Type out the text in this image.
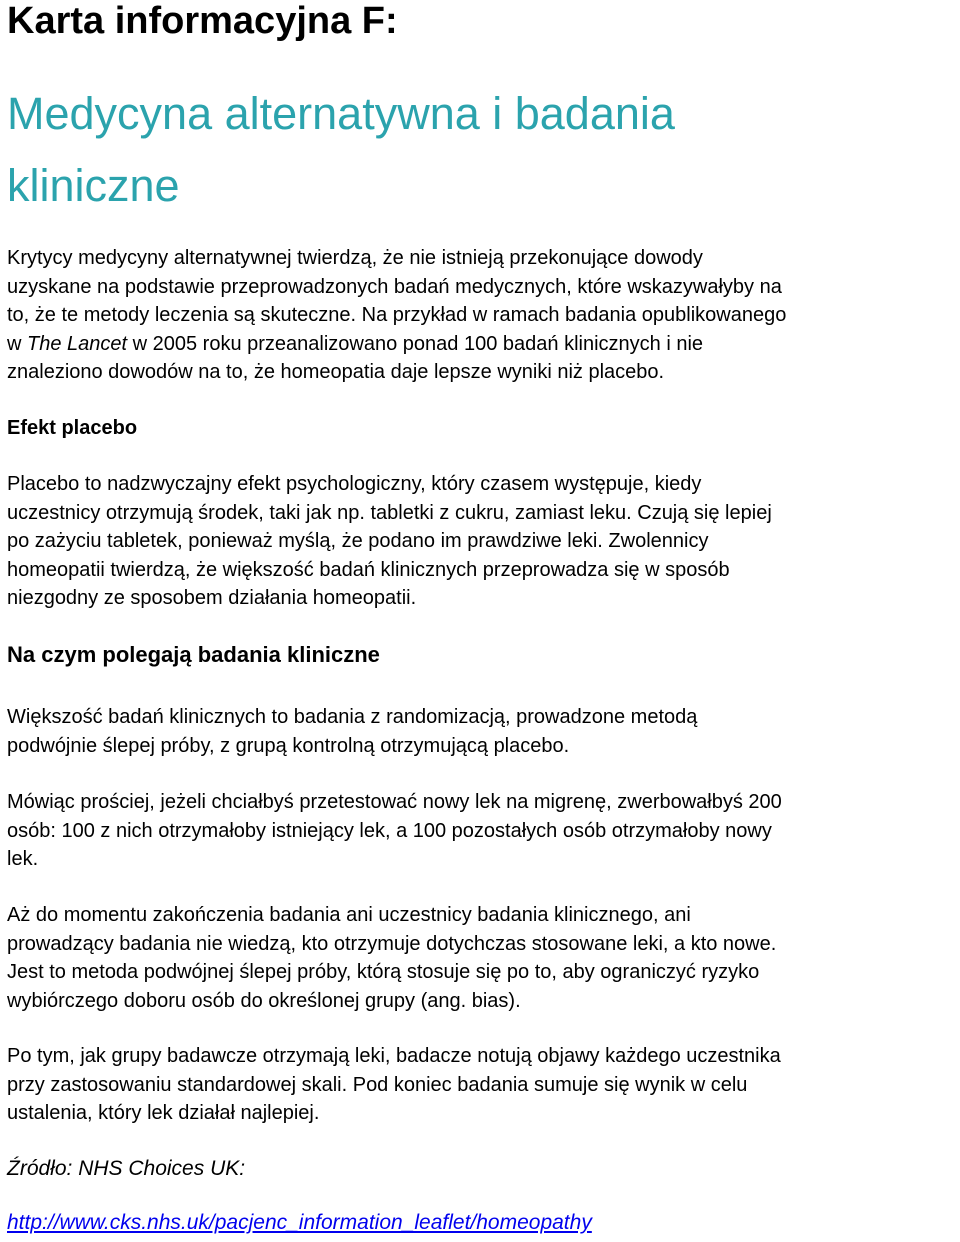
Karta informacyjna F:
Medycyna alternatywna i badania
kliniczne

Krytycy medycyny alternatywnej twierdzą, że nie istnieją przekonujące dowody
uzyskane na podstawie przeprowadzonych badań medycznych, które wskazywałyby na
to, że te metody leczenia są skuteczne. Na przykład w ramach badania opublikowanego
w The Lancet w 2005 roku przeanalizowano ponad 100 badań klinicznych i nie
znaleziono dowodów na to, że homeopatia daje lepsze wyniki niż placebo.

Efekt placebo

Placebo to nadzwyczajny efekt psychologiczny, który czasem występuje, kiedy
uczestnicy otrzymują środek, taki jak np. tabletki z cukru, zamiast leku. Czują się lepiej
po zażyciu tabletek, ponieważ myślą, że podano im prawdziwe leki. Zwolennicy
homeopatii twierdzą, że większość badań klinicznych przeprowadza się w sposób
niezgodny ze sposobem działania homeopatii.

Na czym polegają badania kliniczne

Większość badań klinicznych to badania z randomizacją, prowadzone metodą
podwójnie ślepej próby, z grupą kontrolną otrzymującą placebo.

Mówiąc prościej, jeżeli chciałbyś przetestować nowy lek na migrenę, zwerbowałbyś 200
osób: 100 z nich otrzymałoby istniejący lek, a 100 pozostałych osób otrzymałoby nowy
lek.

Aż do momentu zakończenia badania ani uczestnicy badania klinicznego, ani
prowadzący badania nie wiedzą, kto otrzymuje dotychczas stosowane leki, a kto nowe.
Jest to metoda podwójnej ślepej próby, którą stosuje się po to, aby ograniczyć ryzyko
wybiórczego doboru osób do określonej grupy (ang. bias).

Po tym, jak grupy badawcze otrzymają leki, badacze notują objawy każdego uczestnika
przy zastosowaniu standardowej skali. Pod koniec badania sumuje się wynik w celu
ustalenia, który lek działał najlepiej.

Źródło: NHS Choices UK:

http://www.cks.nhs.uk/pacjenc_information_leaflet/homeopathy
